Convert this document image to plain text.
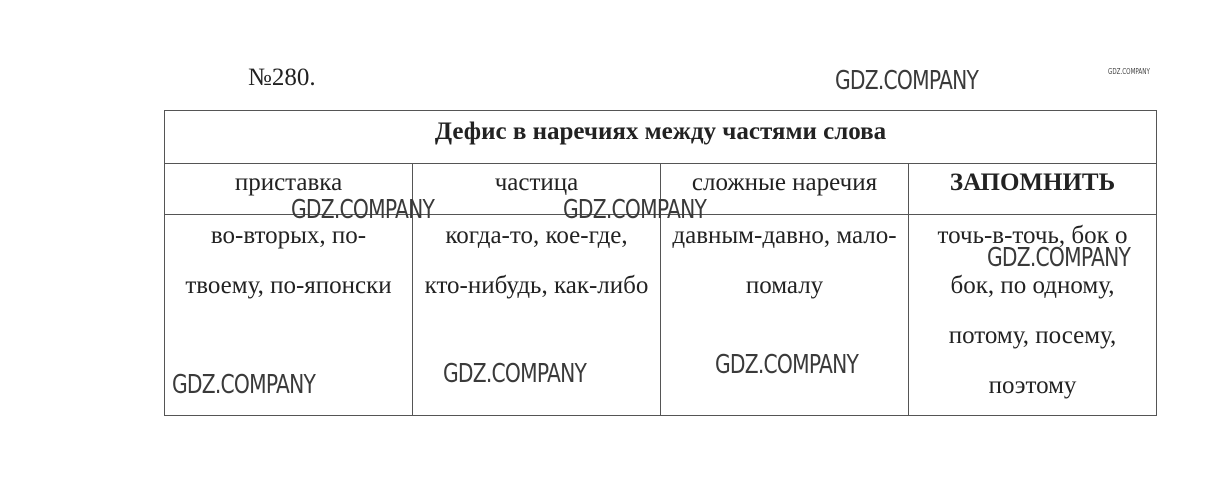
№280.	GDZ.COMPANY	GDZ.COMPANY
Дефис в наречиях между частями слова			
приставка	частица	сложные наречия	ЗАПОМНИТЬ

во-вторых, по-твоему, по-японски	когда-то, кое-где, кто-нибудь, как-либо	давным-давно, мало-помалу	точь-в-точь, бок о бок, по одному, потому, посему, поэтому
GDZ.COMPANY	GDZ.COMPANY
GDZ.COMPANY
GDZ.COMPANY	GDZ.COMPANY
GDZ.COMPANY
